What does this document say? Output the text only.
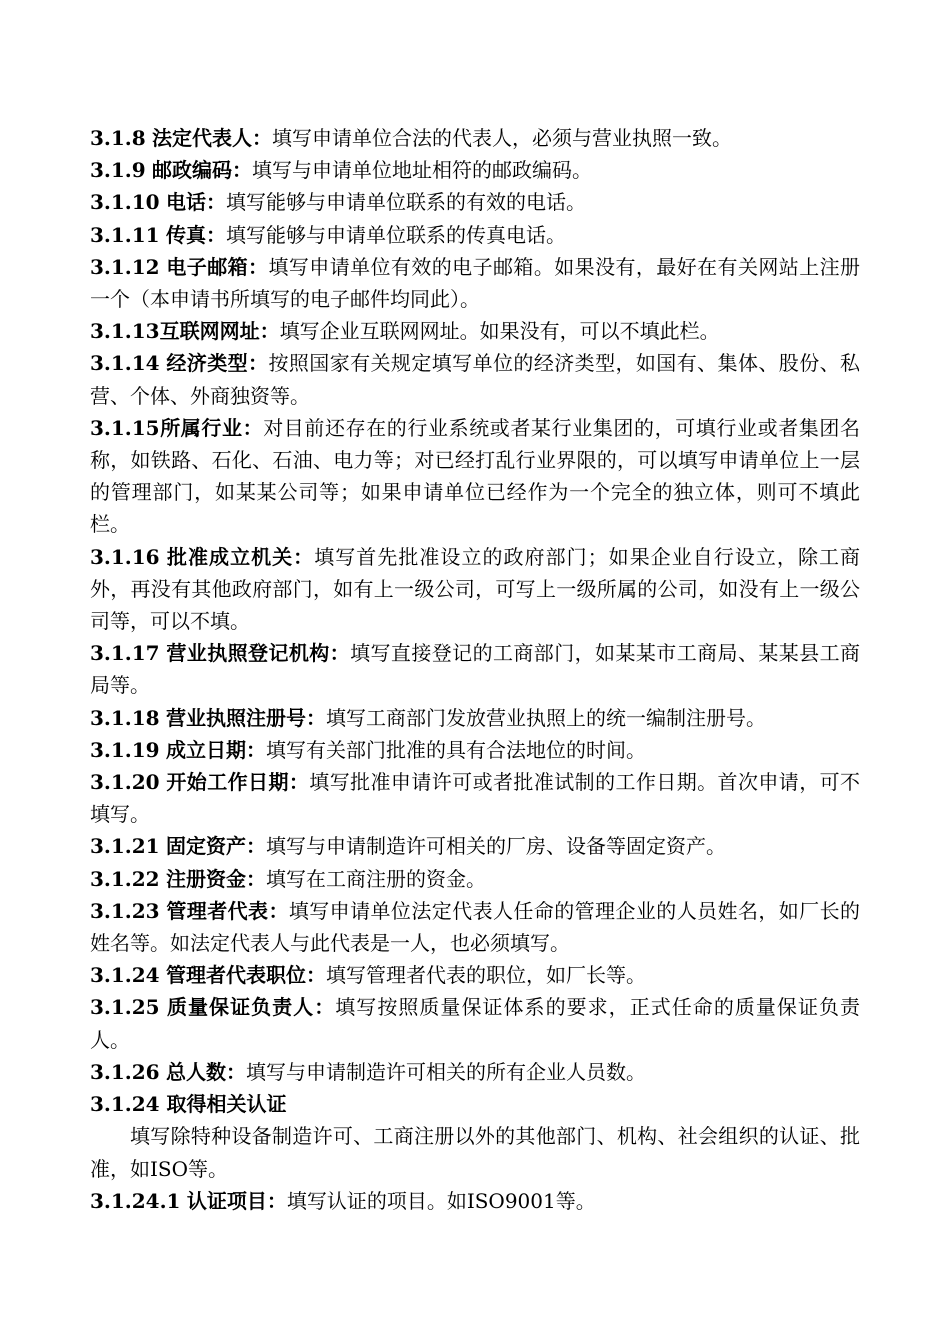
3.1.8 法定代表人：填写申请单位合法的代表人，必须与营业执照一致。

3.1.9 邮政编码：填写与申请单位地址相符的邮政编码。

3.1.10 电话：填写能够与申请单位联系的有效的电话。

3.1.11 传真：填写能够与申请单位联系的传真电话。

3.1.12 电子邮箱：填写申请单位有效的电子邮箱。如果没有，最好在有关网站上注册一个（本申请书所填写的电子邮件均同此）。

3.1.13互联网网址：填写企业互联网网址。如果没有，可以不填此栏。

3.1.14 经济类型：按照国家有关规定填写单位的经济类型，如国有、集体、股份、私营、个体、外商独资等。

3.1.15所属行业：对目前还存在的行业系统或者某行业集团的，可填行业或者集团名称，如铁路、石化、石油、电力等；对已经打乱行业界限的，可以填写申请单位上一层的管理部门，如某某公司等；如果申请单位已经作为一个完全的独立体，则可不填此栏。

3.1.16 批准成立机关：填写首先批准设立的政府部门；如果企业自行设立，除工商外，再没有其他政府部门，如有上一级公司，可写上一级所属的公司，如没有上一级公司等，可以不填。

3.1.17 营业执照登记机构：填写直接登记的工商部门，如某某市工商局、某某县工商局等。

3.1.18 营业执照注册号：填写工商部门发放营业执照上的统一编制注册号。

3.1.19 成立日期：填写有关部门批准的具有合法地位的时间。

3.1.20 开始工作日期：填写批准申请许可或者批准试制的工作日期。首次申请，可不填写。

3.1.21 固定资产：填写与申请制造许可相关的厂房、设备等固定资产。

3.1.22 注册资金：填写在工商注册的资金。

3.1.23 管理者代表：填写申请单位法定代表人任命的管理企业的人员姓名，如厂长的姓名等。如法定代表人与此代表是一人，也必须填写。

3.1.24 管理者代表职位：填写管理者代表的职位，如厂长等。

3.1.25 质量保证负责人：填写按照质量保证体系的要求，正式任命的质量保证负责人。

3.1.26 总人数：填写与申请制造许可相关的所有企业人员数。

3.1.24 取得相关认证

填写除特种设备制造许可、工商注册以外的其他部门、机构、社会组织的认证、批准，如ISO等。

3.1.24.1 认证项目：填写认证的项目。如ISO9001等。
